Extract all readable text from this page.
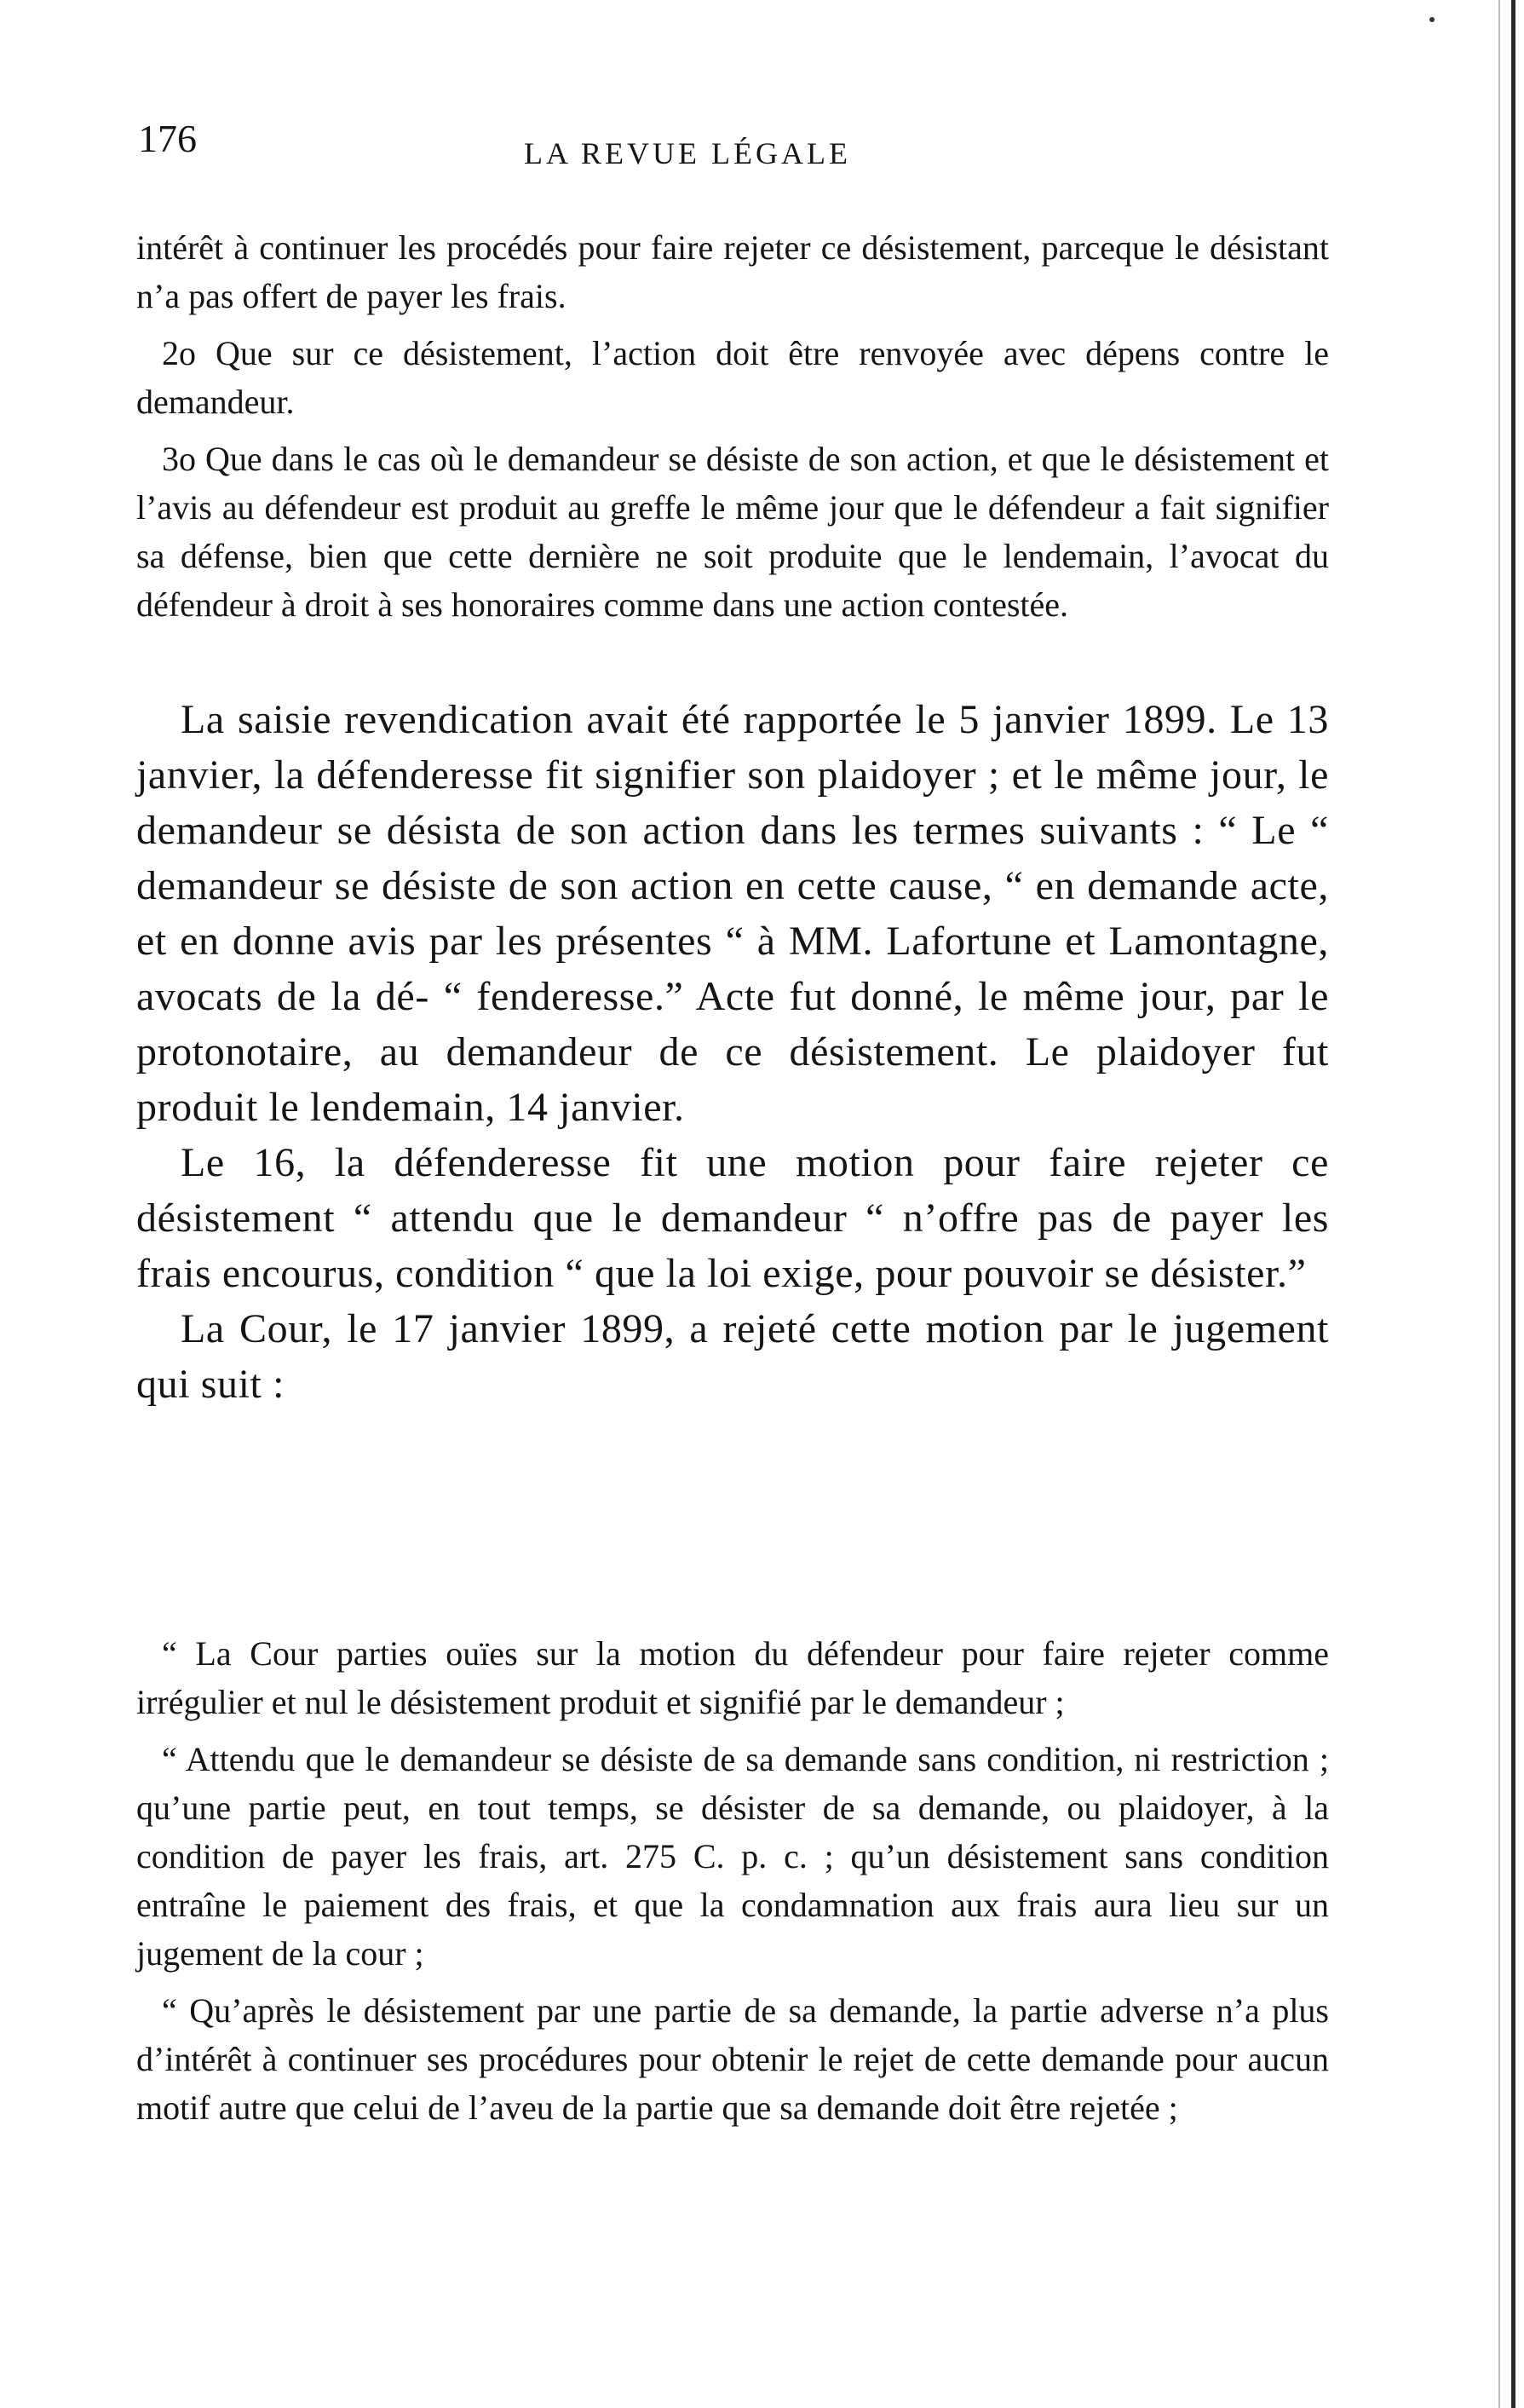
176	LA REVUE LÉGALE

intérêt à continuer les procédés pour faire rejeter ce désistement, parceque le désistant n’a pas offert de payer les frais.

2o Que sur ce désistement, l’action doit être renvoyée avec dépens contre le demandeur.

3o Que dans le cas où le demandeur se désiste de son action, et que le désistement et l’avis au défendeur est produit au greffe le même jour que le défendeur a fait signifier sa défense, bien que cette dernière ne soit produite que le lendemain, l’avocat du défendeur à droit à ses honoraires comme dans une action contestée.

La saisie revendication avait été rapportée le 5 janvier 1899. Le 13 janvier, la défenderesse fit signifier son plaidoyer ; et le même jour, le demandeur se désista de son action dans les termes suivants : “ Le “ demandeur se désiste de son action en cette cause, “ en demande acte, et en donne avis par les présentes “ à MM. Lafortune et Lamontagne, avocats de la dé- “ fenderesse.” Acte fut donné, le même jour, par le protonotaire, au demandeur de ce désistement. Le plaidoyer fut produit le lendemain, 14 janvier.

Le 16, la défenderesse fit une motion pour faire rejeter ce désistement “ attendu que le demandeur “ n’offre pas de payer les frais encourus, condition “ que la loi exige, pour pouvoir se désister.”

La Cour, le 17 janvier 1899, a rejeté cette motion par le jugement qui suit :

“ La Cour parties ouïes sur la motion du défendeur pour faire rejeter comme irrégulier et nul le désistement produit et signifié par le demandeur ;

“ Attendu que le demandeur se désiste de sa demande sans condition, ni restriction ; qu’une partie peut, en tout temps, se désister de sa demande, ou plaidoyer, à la condition de payer les frais, art. 275 C. p. c. ; qu’un désistement sans condition entraîne le paiement des frais, et que la condamnation aux frais aura lieu sur un jugement de la cour ;

“ Qu’après le désistement par une partie de sa demande, la partie adverse n’a plus d’intérêt à continuer ses procédures pour obtenir le rejet de cette demande pour aucun motif autre que celui de l’aveu de la partie que sa demande doit être rejetée ;
